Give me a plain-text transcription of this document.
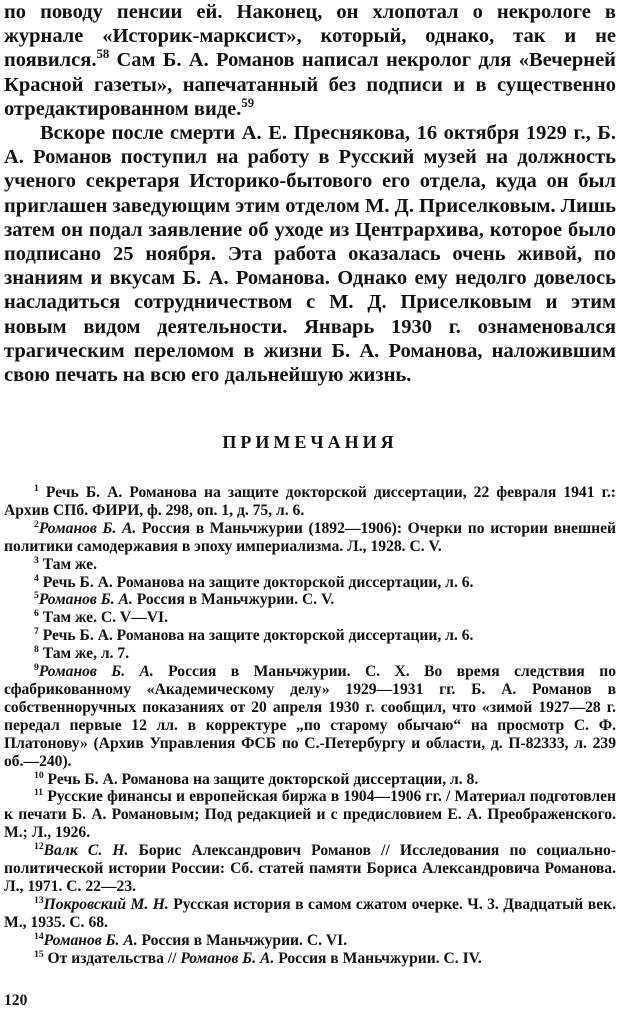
по поводу пенсии ей. Наконец, он хлопотал о некрологе в журнале «Историк-марксист», который, однако, так и не появился.$^{58}$ Сам Б. А. Романов написал некролог для «Вечерней Красной газеты», напечатанный без подписи и в существенно отредактированном виде.$^{59}$

Вскоре после смерти А. Е. Преснякова, 16 октября 1929 г., Б. А. Романов поступил на работу в Русский музей на должность ученого секретаря Историко-бытового его отдела, куда он был приглашен заведующим этим отделом М. Д. Приселковым. Лишь затем он подал заявление об уходе из Центрархива, которое было подписано 25 ноября. Эта работа оказалась очень живой, по знаниям и вкусам Б. А. Романова. Однако ему недолго довелось насладиться сотрудничеством с М. Д. Приселковым и этим новым видом деятельности. Январь 1930 г. ознаменовался трагическим переломом в жизни Б. А. Романова, наложившим свою печать на всю его дальнейшую жизнь.

ПРИМЕЧАНИЯ

$^1$ Речь Б. А. Романова на защите докторской диссертации, 22 февраля 1941 г.: Архив СПб. ФИРИ, ф. 298, оп. 1, д. 75, л. 6.

$^2$Романов Б. А. Россия в Маньчжурии (1892—1906): Очерки по истории внешней политики самодержавия в эпоху империализма. Л., 1928. С. V.

$^3$ Там же.

$^4$ Речь Б. А. Романова на защите докторской диссертации, л. 6.

$^5$Романов Б. А. Россия в Маньчжурии. С. V.

$^6$ Там же. С. V—VI.

$^7$ Речь Б. А. Романова на защите докторской диссертации, л. 6.

$^8$ Там же, л. 7.

$^9$Романов Б. А. Россия в Маньчжурии. С. X. Во время следствия по сфабрикованному «Академическому делу» 1929—1931 гг. Б. А. Романов в собственноручных показаниях от 20 апреля 1930 г. сообщил, что «зимой 1927—28 г. передал первые 12 лл. в корректуре „по старому обычаю“ на просмотр С. Ф. Платонову» (Архив Управления ФСБ по С.-Петербургу и области, д. П-82333, л. 239 об.—240).

$^{10}$ Речь Б. А. Романова на защите докторской диссертации, л. 8.

$^{11}$ Русские финансы и европейская биржа в 1904—1906 гг. / Материал подготовлен к печати Б. А. Романовым; Под редакцией и с предисловием Е. А. Преображенского. М.; Л., 1926.

$^{12}$Валк С. Н. Борис Александрович Романов // Исследования по социально-политической истории России: Сб. статей памяти Бориса Александровича Романова. Л., 1971. С. 22—23.

$^{13}$Покровский М. Н. Русская история в самом сжатом очерке. Ч. 3. Двадцатый век. М., 1935. С. 68.

$^{14}$Романов Б. А. Россия в Маньчжурии. С. VI.

$^{15}$ От издательства // Романов Б. А. Россия в Маньчжурии. С. IV.

120
